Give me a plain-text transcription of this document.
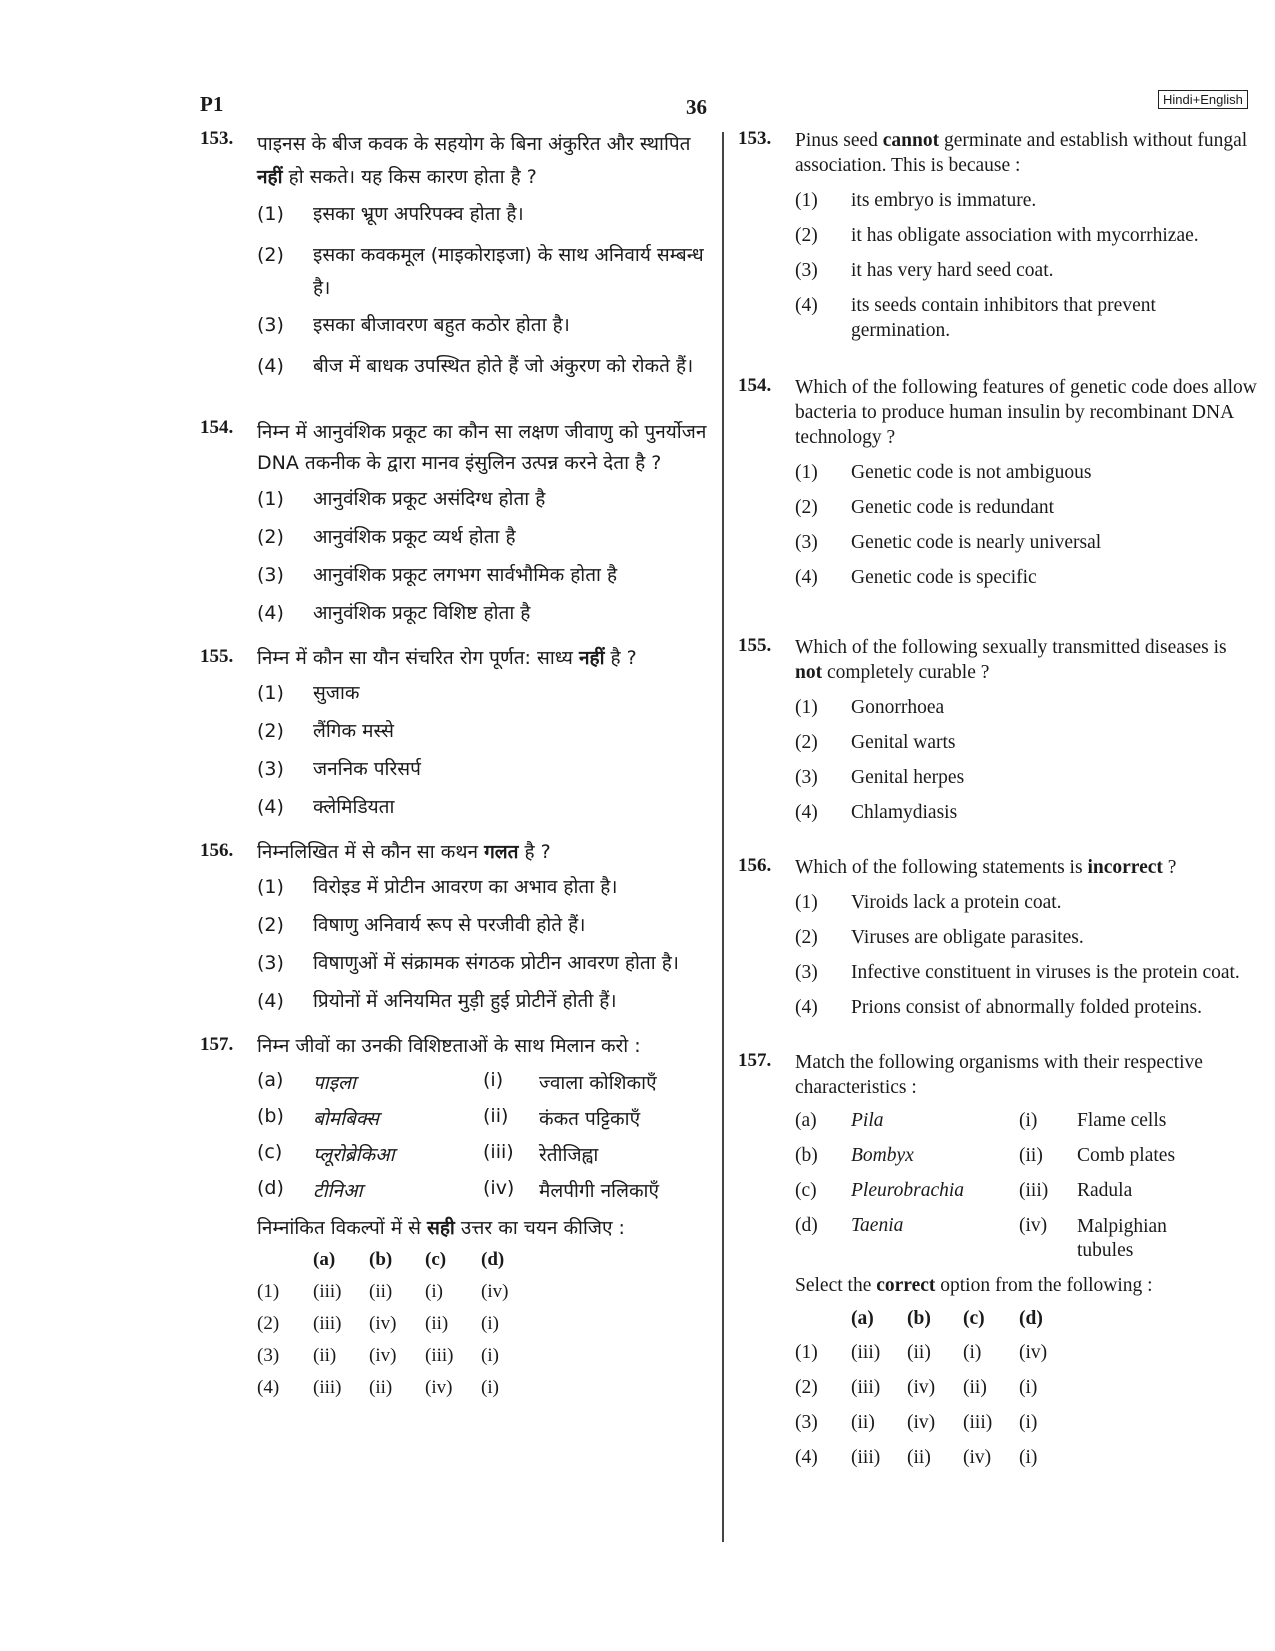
P1	36	Hindi+English
153. पाइनस के बीज कवक के सहयोग के बिना अंकुरित और स्थापित नहीं हो सकते। यह किस कारण होता है ?
(1) इसका भ्रूण अपरिपक्व होता है।
(2) इसका कवकमूल (माइकोराइजा) के साथ अनिवार्य सम्बन्ध है।
(3) इसका बीजावरण बहुत कठोर होता है।
(4) बीज में बाधक उपस्थित होते हैं जो अंकुरण को रोकते हैं।
154. निम्न में आनुवंशिक प्रकूट का कौन सा लक्षण जीवाणु को पुनर्योजन DNA तकनीक के द्वारा मानव इंसुलिन उत्पन्न करने देता है ?
(1) आनुवंशिक प्रकूट असंदिग्ध होता है
(2) आनुवंशिक प्रकूट व्यर्थ होता है
(3) आनुवंशिक प्रकूट लगभग सार्वभौमिक होता है
(4) आनुवंशिक प्रकूट विशिष्ट होता है
155. निम्न में कौन सा यौन संचरित रोग पूर्णत: साध्य नहीं है ?
(1) सुजाक
(2) लैंगिक मस्से
(3) जननिक परिसर्प
(4) क्लेमिडियता
156. निम्नलिखित में से कौन सा कथन गलत है ?
(1) विरोइड में प्रोटीन आवरण का अभाव होता है।
(2) विषाणु अनिवार्य रूप से परजीवी होते हैं।
(3) विषाणुओं में संक्रामक संगठक प्रोटीन आवरण होता है।
(4) प्रियोनों में अनियमित मुड़ी हुई प्रोटीनें होती हैं।
157. निम्न जीवों का उनकी विशिष्टताओं के साथ मिलान करो :
(a) पाइला	(i) ज्वाला कोशिकाएँ
(b) बोमबिक्स	(ii) कंकत पट्टिकाएँ
(c) प्लूरोब्रेकिआ	(iii) रेतीजिह्वा
(d) टीनिआ	(iv) मैलपीगी नलिकाएँ
निम्नांकित विकल्पों में से सही उत्तर का चयन कीजिए :
(a) (b) (c) (d)
(1) (iii) (ii) (i) (iv)
(2) (iii) (iv) (ii) (i)
(3) (ii) (iv) (iii) (i)
(4) (iii) (ii) (iv) (i)
153. Pinus seed cannot germinate and establish without fungal association. This is because :
(1) its embryo is immature.
(2) it has obligate association with mycorrhizae.
(3) it has very hard seed coat.
(4) its seeds contain inhibitors that prevent germination.
154. Which of the following features of genetic code does allow bacteria to produce human insulin by recombinant DNA technology ?
(1) Genetic code is not ambiguous
(2) Genetic code is redundant
(3) Genetic code is nearly universal
(4) Genetic code is specific
155. Which of the following sexually transmitted diseases is not completely curable ?
(1) Gonorrhoea
(2) Genital warts
(3) Genital herpes
(4) Chlamydiasis
156. Which of the following statements is incorrect ?
(1) Viroids lack a protein coat.
(2) Viruses are obligate parasites.
(3) Infective constituent in viruses is the protein coat.
(4) Prions consist of abnormally folded proteins.
157. Match the following organisms with their respective characteristics :
(a) Pila	(i) Flame cells
(b) Bombyx	(ii) Comb plates
(c) Pleurobrachia	(iii) Radula
(d) Taenia	(iv) Malpighian tubules
Select the correct option from the following :
(a) (b) (c) (d)
(1) (iii) (ii) (i) (iv)
(2) (iii) (iv) (ii) (i)
(3) (ii) (iv) (iii) (i)
(4) (iii) (ii) (iv) (i)
